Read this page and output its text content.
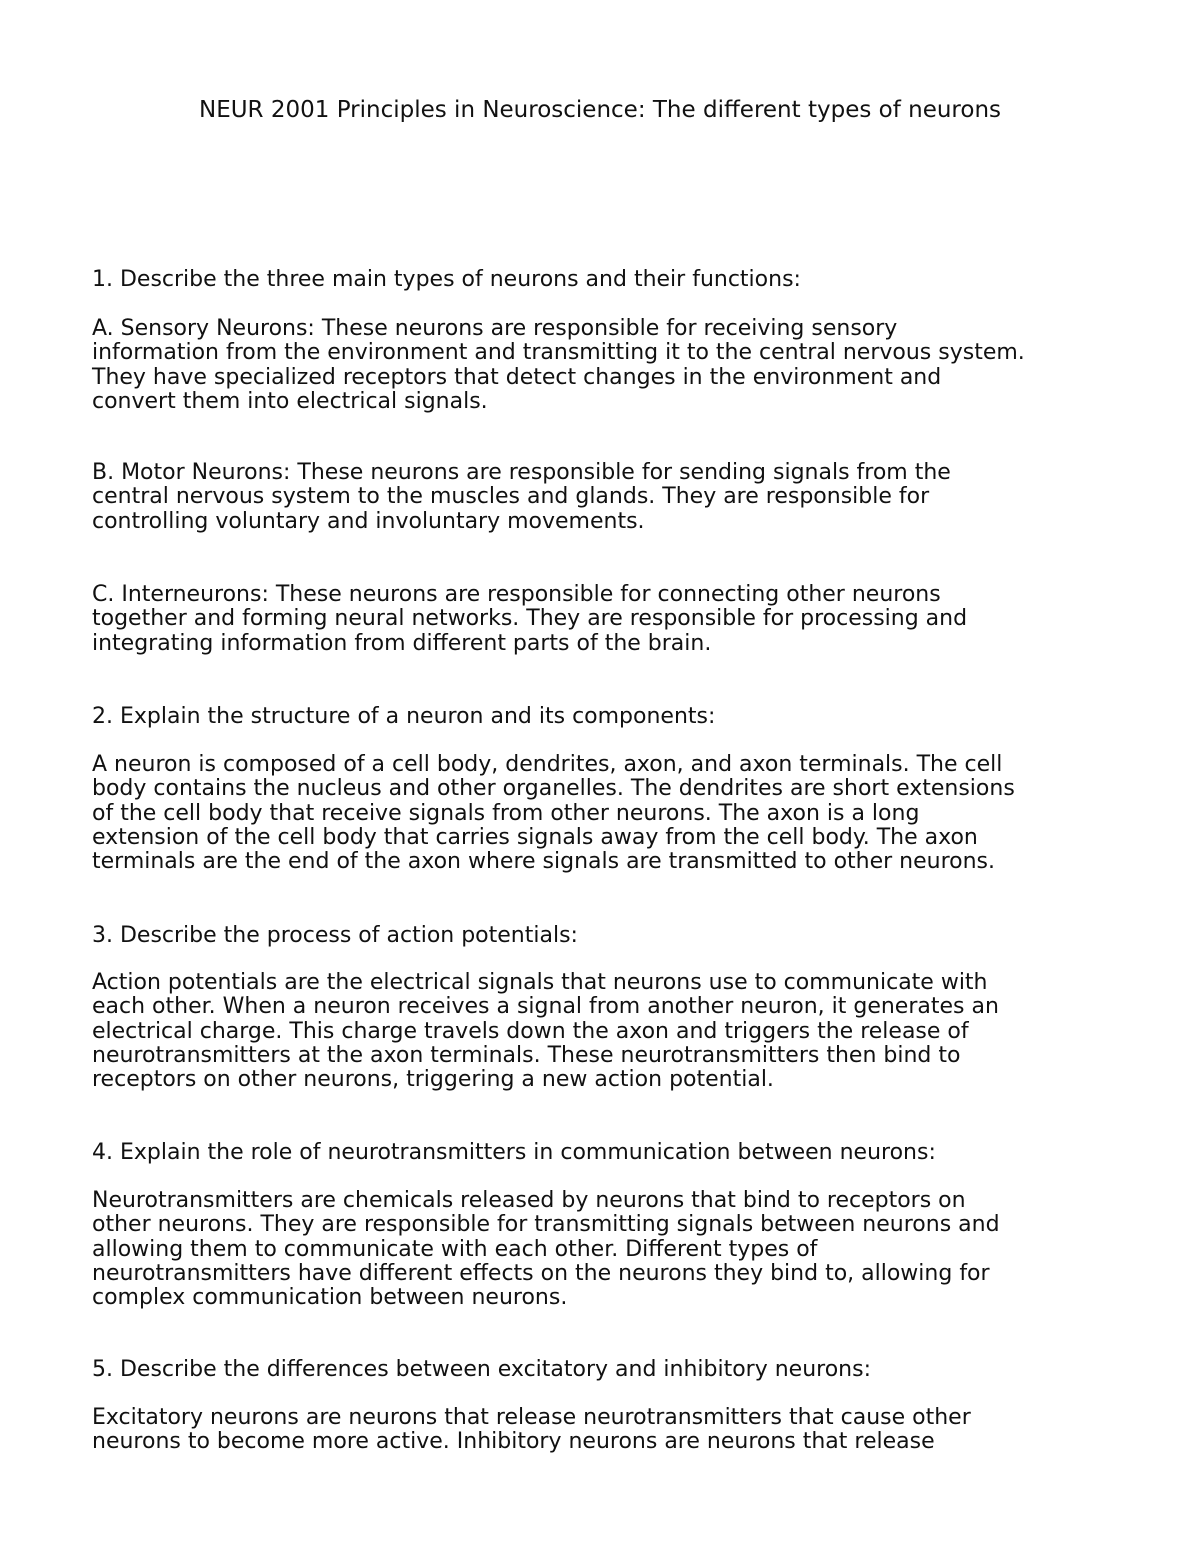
NEUR 2001 Principles in Neuroscience: The different types of neurons

1. Describe the three main types of neurons and their functions:

A. Sensory Neurons: These neurons are responsible for receiving sensory
information from the environment and transmitting it to the central nervous system.
They have specialized receptors that detect changes in the environment and
convert them into electrical signals.

B. Motor Neurons: These neurons are responsible for sending signals from the
central nervous system to the muscles and glands. They are responsible for
controlling voluntary and involuntary movements.

C. Interneurons: These neurons are responsible for connecting other neurons
together and forming neural networks. They are responsible for processing and
integrating information from different parts of the brain.

2. Explain the structure of a neuron and its components:

A neuron is composed of a cell body, dendrites, axon, and axon terminals. The cell
body contains the nucleus and other organelles. The dendrites are short extensions
of the cell body that receive signals from other neurons. The axon is a long
extension of the cell body that carries signals away from the cell body. The axon
terminals are the end of the axon where signals are transmitted to other neurons.

3. Describe the process of action potentials:

Action potentials are the electrical signals that neurons use to communicate with
each other. When a neuron receives a signal from another neuron, it generates an
electrical charge. This charge travels down the axon and triggers the release of
neurotransmitters at the axon terminals. These neurotransmitters then bind to
receptors on other neurons, triggering a new action potential.

4. Explain the role of neurotransmitters in communication between neurons:

Neurotransmitters are chemicals released by neurons that bind to receptors on
other neurons. They are responsible for transmitting signals between neurons and
allowing them to communicate with each other. Different types of
neurotransmitters have different effects on the neurons they bind to, allowing for
complex communication between neurons.

5. Describe the differences between excitatory and inhibitory neurons:

Excitatory neurons are neurons that release neurotransmitters that cause other
neurons to become more active. Inhibitory neurons are neurons that release
